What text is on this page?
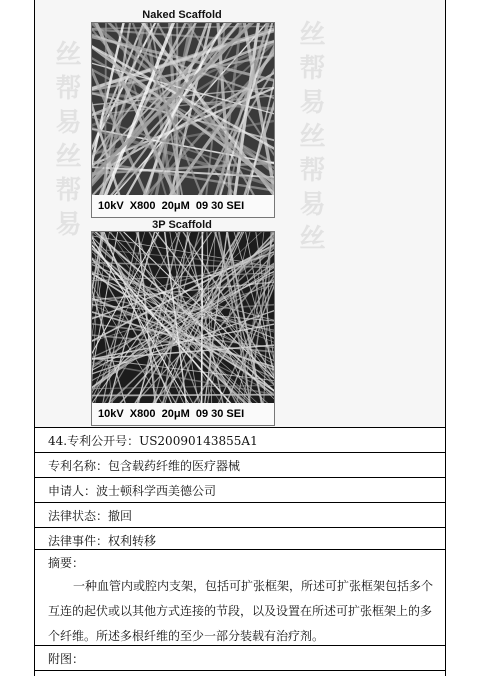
丝帮易丝帮易
丝帮易丝帮易丝
Naked Scaffold
10kV  X800  20μM  09 30 SEI
3P Scaffold
10kV  X800  20μM  09 30 SEI
44.专利公开号：US20090143855A1
专利名称：包含载药纤维的医疗器械
申请人：波士顿科学西美德公司
法律状态：撤回
法律事件：权利转移
摘要：
一种血管内或腔内支架，包括可扩张框架，所述可扩张框架包括多个互连的起伏或以其他方式连接的节段，以及设置在所述可扩张框架上的多个纤维。所述多根纤维的至少一部分装载有治疗剂。
附图：
